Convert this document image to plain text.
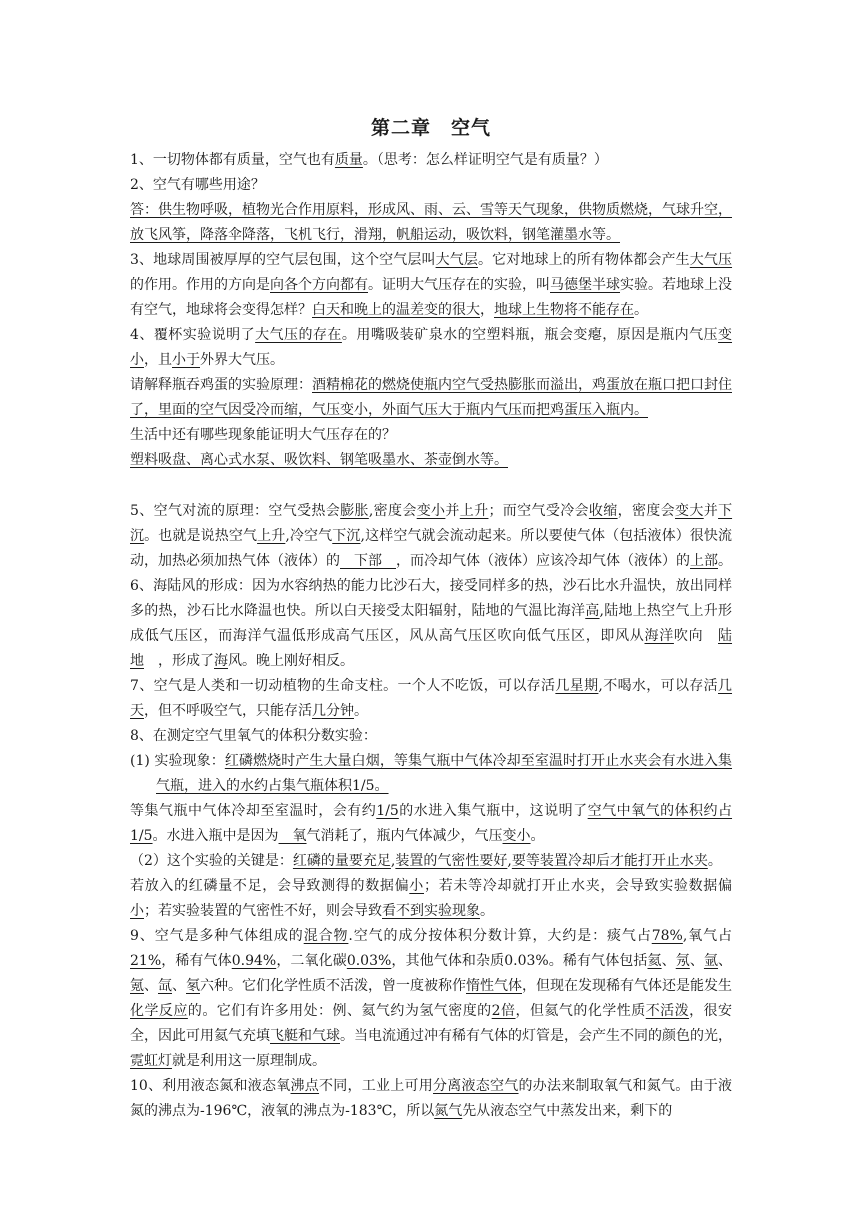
第二章　空气

1、一切物体都有质量，空气也有质量。（思考：怎么样证明空气是有质量？）

2、空气有哪些用途？

答：供生物呼吸，植物光合作用原料，形成风、雨、云、雪等天气现象，供物质燃烧，气球升空，放飞风筝，降落伞降落，飞机飞行，滑翔，帆船运动，吸饮料，钢笔灌墨水等。

3、地球周围被厚厚的空气层包围，这个空气层叫大气层。它对地球上的所有物体都会产生大气压的作用。作用的方向是向各个方向都有。证明大气压存在的实验，叫马德堡半球实验。若地球上没有空气，地球将会变得怎样？白天和晚上的温差变的很大，地球上生物将不能存在。

4、覆杯实验说明了大气压的存在。用嘴吸装矿泉水的空塑料瓶，瓶会变瘪，原因是瓶内气压变小，且小于外界大气压。

请解释瓶吞鸡蛋的实验原理：酒精棉花的燃烧使瓶内空气受热膨胀而溢出，鸡蛋放在瓶口把口封住了，里面的空气因受冷而缩，气压变小，外面气压大于瓶内气压而把鸡蛋压入瓶内。

生活中还有哪些现象能证明大气压存在的？

塑料吸盘、离心式水泵、吸饮料、钢笔吸墨水、茶壶倒水等。

5、空气对流的原理：空气受热会膨胀,密度会变小并上升；而空气受冷会收缩，密度会变大并下沉。也就是说热空气上升,冷空气下沉,这样空气就会流动起来。所以要使气体（包括液体）很快流动，加热必须加热气体（液体）的　下部　，而冷却气体（液体）应该冷却气体（液体）的上部。

6、海陆风的形成：因为水容纳热的能力比沙石大，接受同样多的热，沙石比水升温快，放出同样多的热，沙石比水降温也快。所以白天接受太阳辐射，陆地的气温比海洋高,陆地上热空气上升形成低气压区，而海洋气温低形成高气压区，风从高气压区吹向低气压区，即风从海洋吹向　陆地　，形成了海风。晚上刚好相反。

7、空气是人类和一切动植物的生命支柱。一个人不吃饭，可以存活几星期,不喝水，可以存活几天，但不呼吸空气，只能存活几分钟。

8、在测定空气里氧气的体积分数实验：

(1) 实验现象：红磷燃烧时产生大量白烟，等集气瓶中气体冷却至室温时打开止水夹会有水进入集气瓶，进入的水约占集气瓶体积1/5。

等集气瓶中气体冷却至室温时，会有约1/5的水进入集气瓶中，这说明了空气中氧气的体积约占1/5。水进入瓶中是因为　氧气消耗了，瓶内气体减少，气压变小。

（2）这个实验的关键是：红磷的量要充足,装置的气密性要好,要等装置冷却后才能打开止水夹。

若放入的红磷量不足，会导致测得的数据偏小；若未等冷却就打开止水夹，会导致实验数据偏　小；若实验装置的气密性不好，则会导致看不到实验现象。

9、空气是多种气体组成的混合物.空气的成分按体积分数计算，大约是：痰气占78%,氧气占21%，稀有气体0.94%，二氧化碳0.03%，其他气体和杂质0.03%。稀有气体包括氦、氖、氩、氪、氙、氡六种。它们化学性质不活泼，曾一度被称作惰性气体，但现在发现稀有气体还是能发生化学反应的。它们有许多用处：例、氦气约为氢气密度的2倍，但氦气的化学性质不活泼，很安全，因此可用氦气充填飞艇和气球。当电流通过冲有稀有气体的灯管是，会产生不同的颜色的光，霓虹灯就是利用这一原理制成。

10、利用液态氮和液态氧沸点不同，工业上可用分离液态空气的办法来制取氧气和氮气。由于液氮的沸点为-196℃，液氧的沸点为-183℃，所以氮气先从液态空气中蒸发出来，剩下的
